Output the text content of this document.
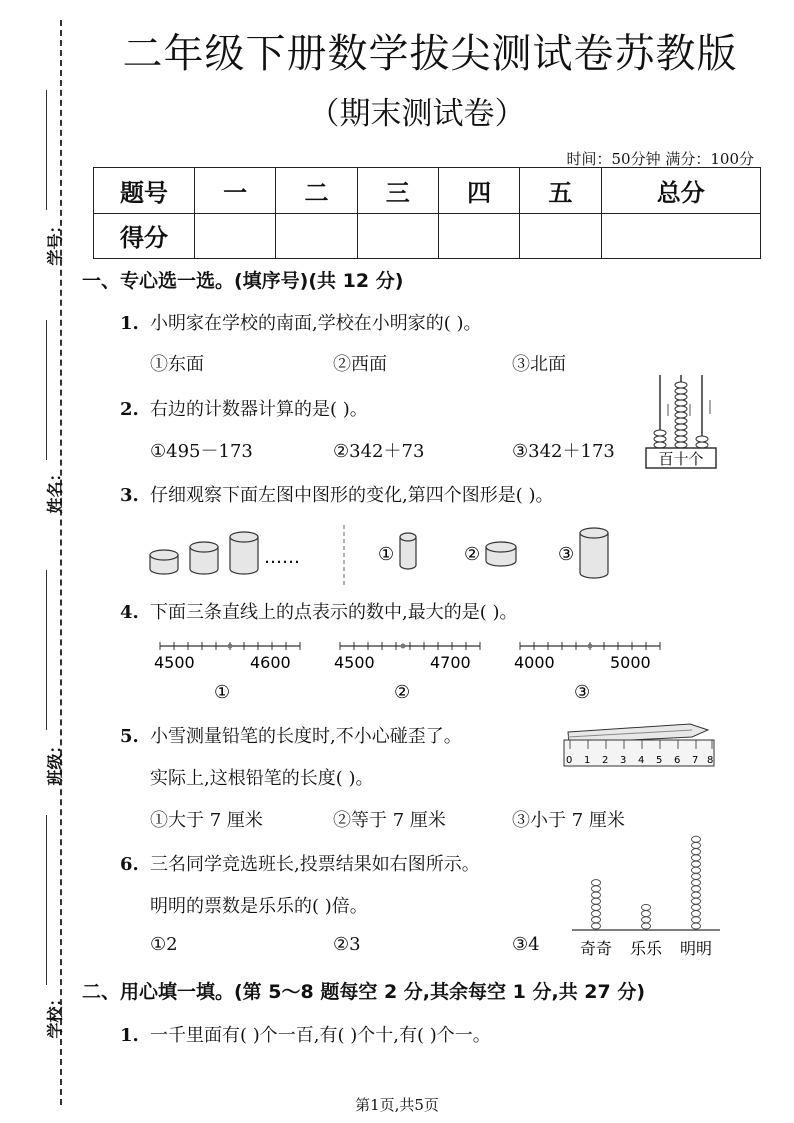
学号：
姓名：
班级：
学校：
二年级下册数学拔尖测试卷苏教版
（期末测试卷）
时间：50分钟 满分：100分
题号	一	二	三	四	五	总分
得分						
一、专心选一选。(填序号)(共 12 分)
1. 小明家在学校的南面,学校在小明家的( )。
①东面	②西面	③北面
2. 右边的计数器计算的是( )。
①495－173	②342＋73	③342＋173	百十个
3. 仔细观察下面左图中图形的变化,第四个图形是( )。
……	①	②	③
4. 下面三条直线上的点表示的数中,最大的是( )。
4500	4600	4500	4700	4000	5000
①	②	③
5. 小雪测量铅笔的长度时,不小心碰歪了。
实际上,这根铅笔的长度( )。
①大于 7 厘米	②等于 7 厘米	③小于 7 厘米
0 1 2 3 4 5 6 7 8
6. 三名同学竞选班长,投票结果如右图所示。
明明的票数是乐乐的( )倍。
①2	②3	③4	奇奇 乐乐 明明
二、用心填一填。(第 5～8 题每空 2 分,其余每空 1 分,共 27 分)
1. 一千里面有( )个一百,有( )个十,有( )个一。
第1页,共5页
